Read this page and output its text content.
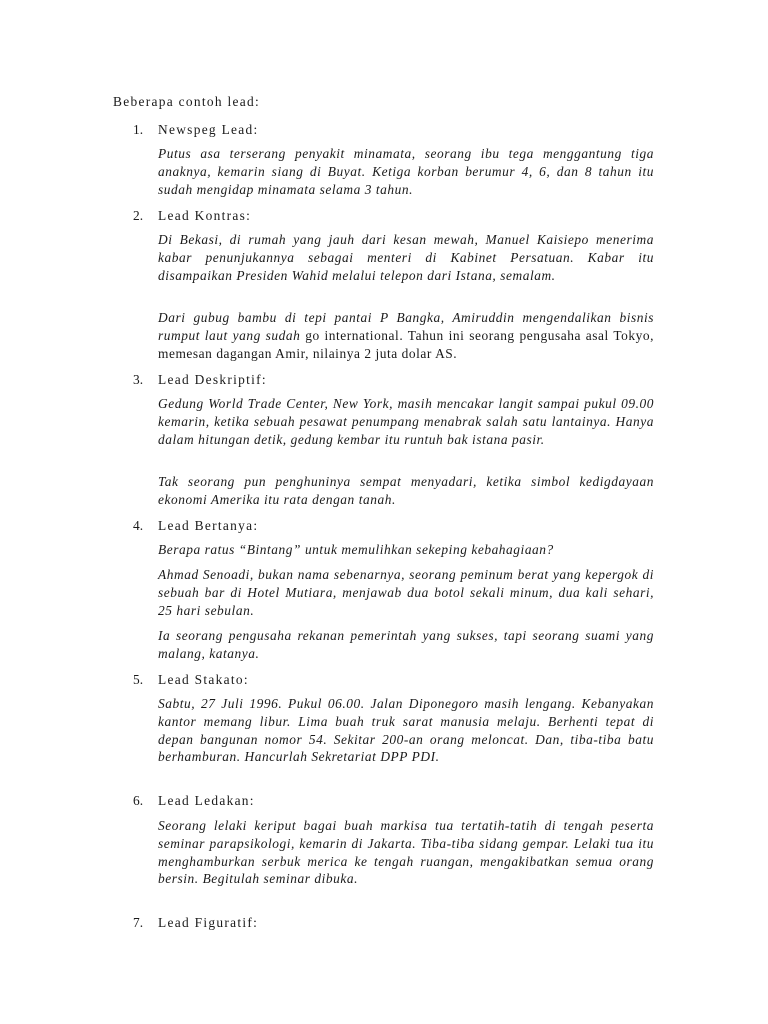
Beberapa contoh lead:
1.	Newspeg Lead:
Putus asa terserang penyakit minamata, seorang ibu tega menggantung tiga anaknya, kemarin siang di Buyat. Ketiga korban berumur 4, 6, dan 8 tahun itu sudah mengidap minamata selama 3 tahun.
2.	Lead Kontras:
Di Bekasi, di rumah yang jauh dari kesan mewah, Manuel Kaisiepo menerima kabar penunjukannya sebagai menteri di Kabinet Persatuan. Kabar itu disampaikan Presiden Wahid melalui telepon dari Istana, semalam.
Dari gubug bambu di tepi pantai P Bangka, Amiruddin mengendalikan bisnis rumput laut yang sudah go international. Tahun ini seorang pengusaha asal Tokyo, memesan dagangan Amir, nilainya 2 juta dolar AS.
3.	Lead Deskriptif:
Gedung World Trade Center, New York, masih mencakar langit sampai pukul 09.00 kemarin, ketika sebuah pesawat penumpang menabrak salah satu lantainya. Hanya dalam hitungan detik, gedung kembar itu runtuh bak istana pasir.
Tak seorang pun penghuninya sempat menyadari, ketika simbol kedigdayaan ekonomi Amerika itu rata dengan tanah.
4.	Lead Bertanya:
Berapa ratus “Bintang” untuk memulihkan sekeping kebahagiaan?
Ahmad Senoadi, bukan nama sebenarnya, seorang peminum berat yang kepergok di sebuah bar di Hotel Mutiara, menjawab dua botol sekali minum, dua kali sehari, 25 hari sebulan.
Ia seorang pengusaha rekanan pemerintah yang sukses, tapi seorang suami yang malang, katanya.
5.	Lead Stakato:
Sabtu, 27 Juli 1996. Pukul 06.00. Jalan Diponegoro masih lengang. Kebanyakan kantor memang libur. Lima buah truk sarat manusia melaju. Berhenti tepat di depan bangunan nomor 54. Sekitar 200-an orang meloncat. Dan, tiba-tiba batu berhamburan. Hancurlah Sekretariat DPP PDI.
6.	Lead Ledakan:
Seorang lelaki keriput bagai buah markisa tua tertatih-tatih di tengah peserta seminar parapsikologi, kemarin di Jakarta. Tiba-tiba sidang gempar. Lelaki tua itu menghamburkan serbuk merica ke tengah ruangan, mengakibatkan semua orang bersin. Begitulah seminar dibuka.
7.	Lead Figuratif:
